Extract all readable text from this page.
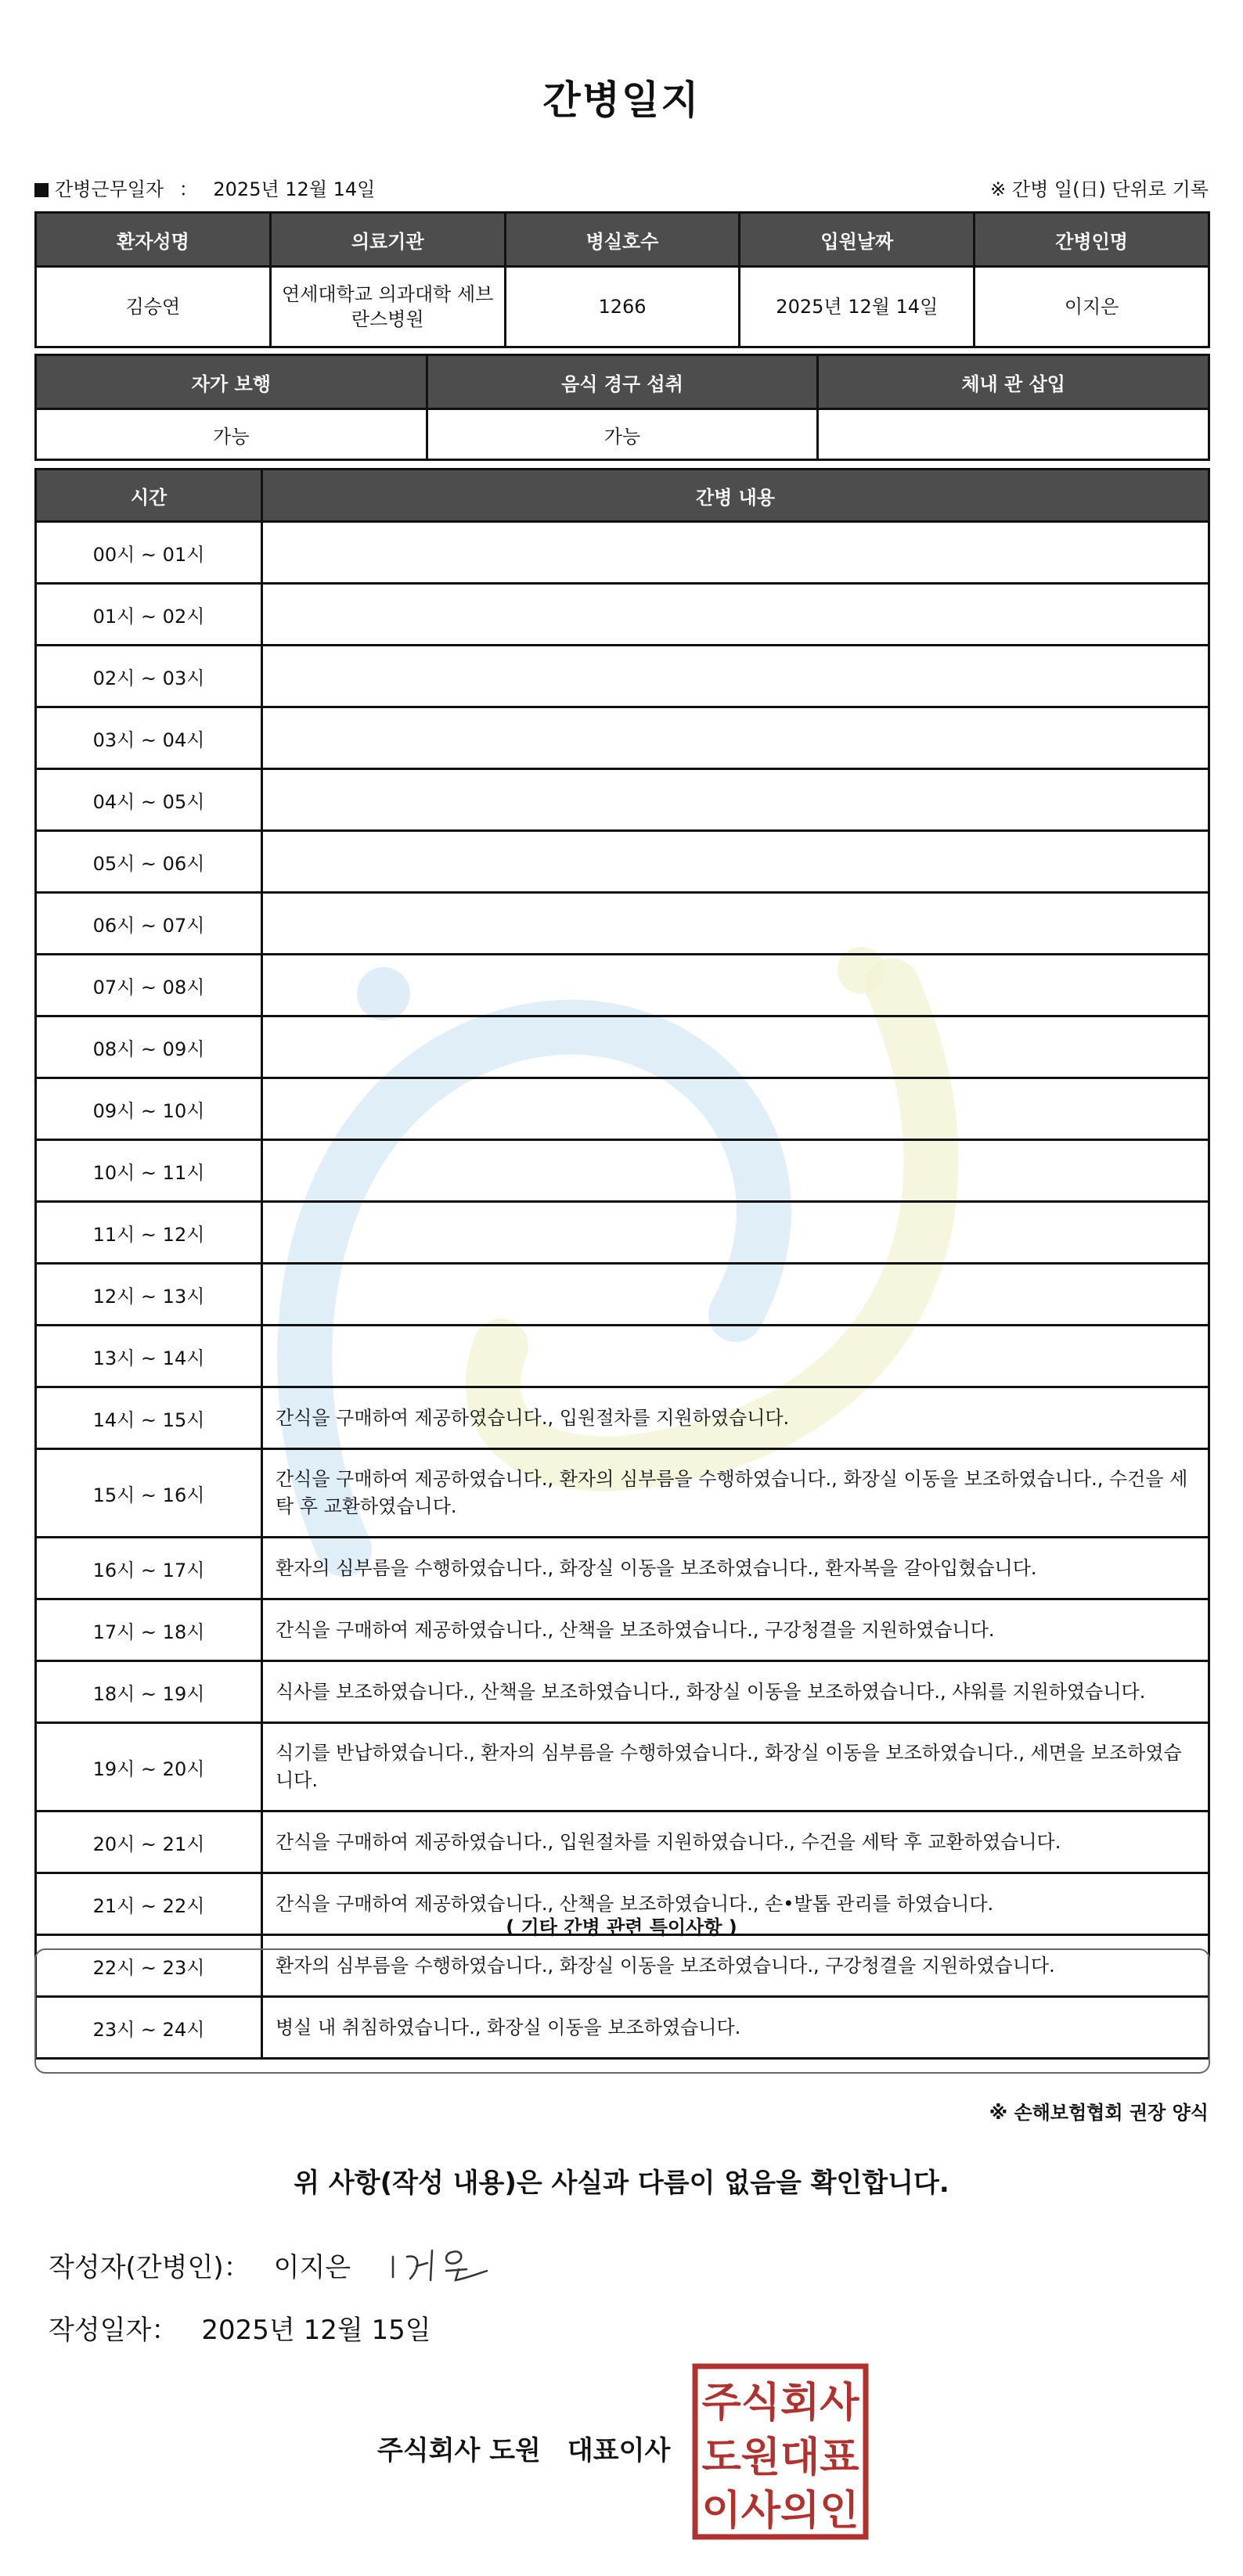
간병일지
간병근무일자 ： 2025년 12월 14일	※ 간병 일(日) 단위로 기록
환자성명	의료기관	병실호수	입원날짜	간병인명
김승연	연세대학교 의과대학 세브란스병원	1266	2025년 12월 14일	이지은
자가 보행	음식 경구 섭취	체내 관 삽입
가능	가능	
시간	간병 내용
00시 ~ 01시	
01시 ~ 02시	
02시 ~ 03시	
03시 ~ 04시	
04시 ~ 05시	
05시 ~ 06시	
06시 ~ 07시	
07시 ~ 08시	
08시 ~ 09시	
09시 ~ 10시	
10시 ~ 11시	
11시 ~ 12시	
12시 ~ 13시	
13시 ~ 14시	
14시 ~ 15시	간식을 구매하여 제공하였습니다., 입원절차를 지원하였습니다.
15시 ~ 16시	간식을 구매하여 제공하였습니다., 환자의 심부름을 수행하였습니다., 화장실 이동을 보조하였습니다., 수건을 세탁 후 교환하였습니다.
16시 ~ 17시	환자의 심부름을 수행하였습니다., 화장실 이동을 보조하였습니다., 환자복을 갈아입혔습니다.
17시 ~ 18시	간식을 구매하여 제공하였습니다., 산책을 보조하였습니다., 구강청결을 지원하였습니다.
18시 ~ 19시	식사를 보조하였습니다., 산책을 보조하였습니다., 화장실 이동을 보조하였습니다., 샤워를 지원하였습니다.
19시 ~ 20시	식기를 반납하였습니다., 환자의 심부름을 수행하였습니다., 화장실 이동을 보조하였습니다., 세면을 보조하였습니다.
20시 ~ 21시	간식을 구매하여 제공하였습니다., 입원절차를 지원하였습니다., 수건을 세탁 후 교환하였습니다.
21시 ~ 22시	간식을 구매하여 제공하였습니다., 산책을 보조하였습니다., 손•발톱 관리를 하였습니다.
22시 ~ 23시	환자의 심부름을 수행하였습니다., 화장실 이동을 보조하였습니다., 구강청결을 지원하였습니다.
23시 ~ 24시	병실 내 취침하였습니다., 화장실 이동을 보조하였습니다.
( 기타 간병 관련 특이사항 )
※ 손해보험협회 권장 양식
위 사항(작성 내용)은 사실과 다름이 없음을 확인합니다.
작성자(간병인)： 이지은
작성일자： 2025년 12월 15일
주식회사 도원 대표이사
주식회사
도원대표
이사의인
